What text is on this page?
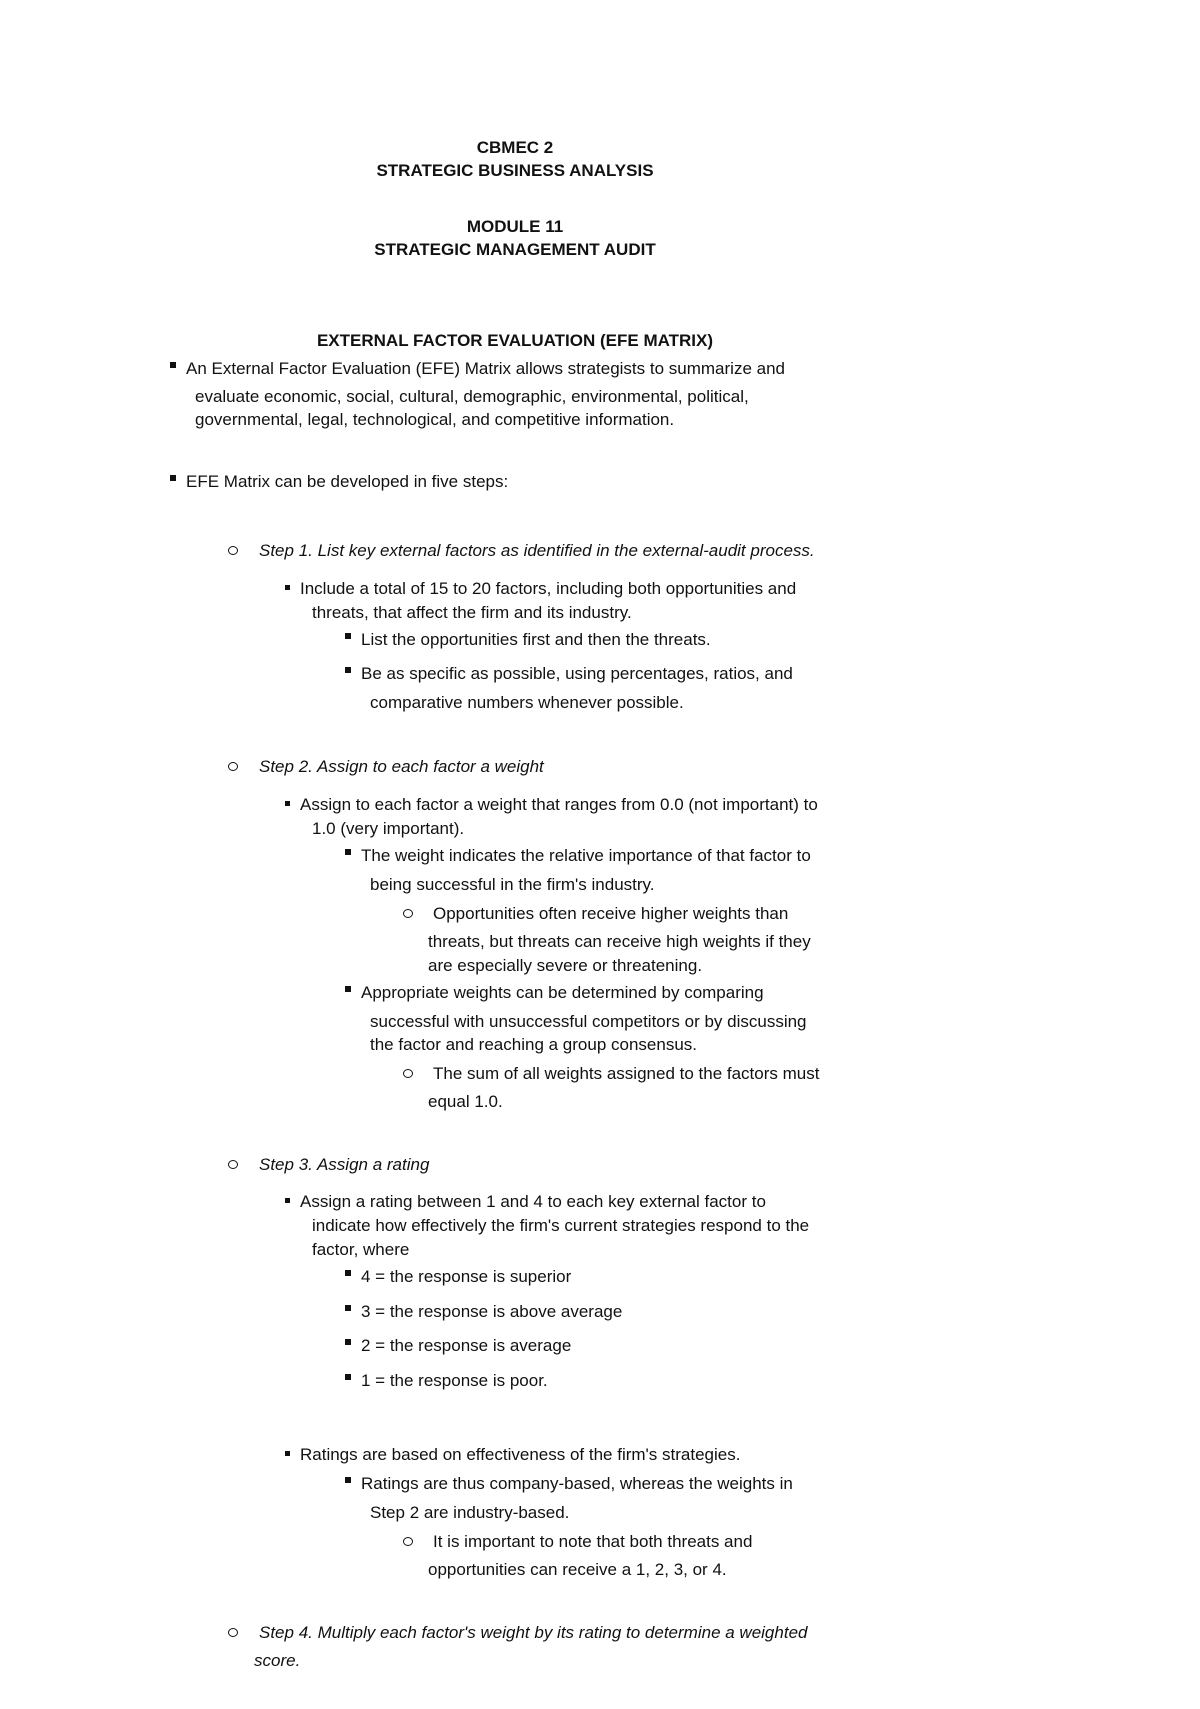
CBMEC 2
STRATEGIC BUSINESS ANALYSIS
MODULE 11
STRATEGIC MANAGEMENT AUDIT
EXTERNAL FACTOR EVALUATION (EFE MATRIX)
An External Factor Evaluation (EFE) Matrix allows strategists to summarize and
evaluate economic, social, cultural, demographic, environmental, political,
governmental, legal, technological, and competitive information.
EFE Matrix can be developed in five steps:
Step 1. List key external factors as identified in the external-audit process.
Include a total of 15 to 20 factors, including both opportunities and
threats, that affect the firm and its industry.
List the opportunities first and then the threats.
Be as specific as possible, using percentages, ratios, and
comparative numbers whenever possible.
Step 2. Assign to each factor a weight
Assign to each factor a weight that ranges from 0.0 (not important) to
1.0 (very important).
The weight indicates the relative importance of that factor to
being successful in the firm's industry.
Opportunities often receive higher weights than
threats, but threats can receive high weights if they
are especially severe or threatening.
Appropriate weights can be determined by comparing
successful with unsuccessful competitors or by discussing
the factor and reaching a group consensus.
The sum of all weights assigned to the factors must
equal 1.0.
Step 3. Assign a rating
Assign a rating between 1 and 4 to each key external factor to
indicate how effectively the firm's current strategies respond to the
factor, where
4 = the response is superior
3 = the response is above average
2 = the response is average
1 = the response is poor.
Ratings are based on effectiveness of the firm's strategies.
Ratings are thus company-based, whereas the weights in
Step 2 are industry-based.
It is important to note that both threats and
opportunities can receive a 1, 2, 3, or 4.
Step 4. Multiply each factor's weight by its rating to determine a weighted
score.
